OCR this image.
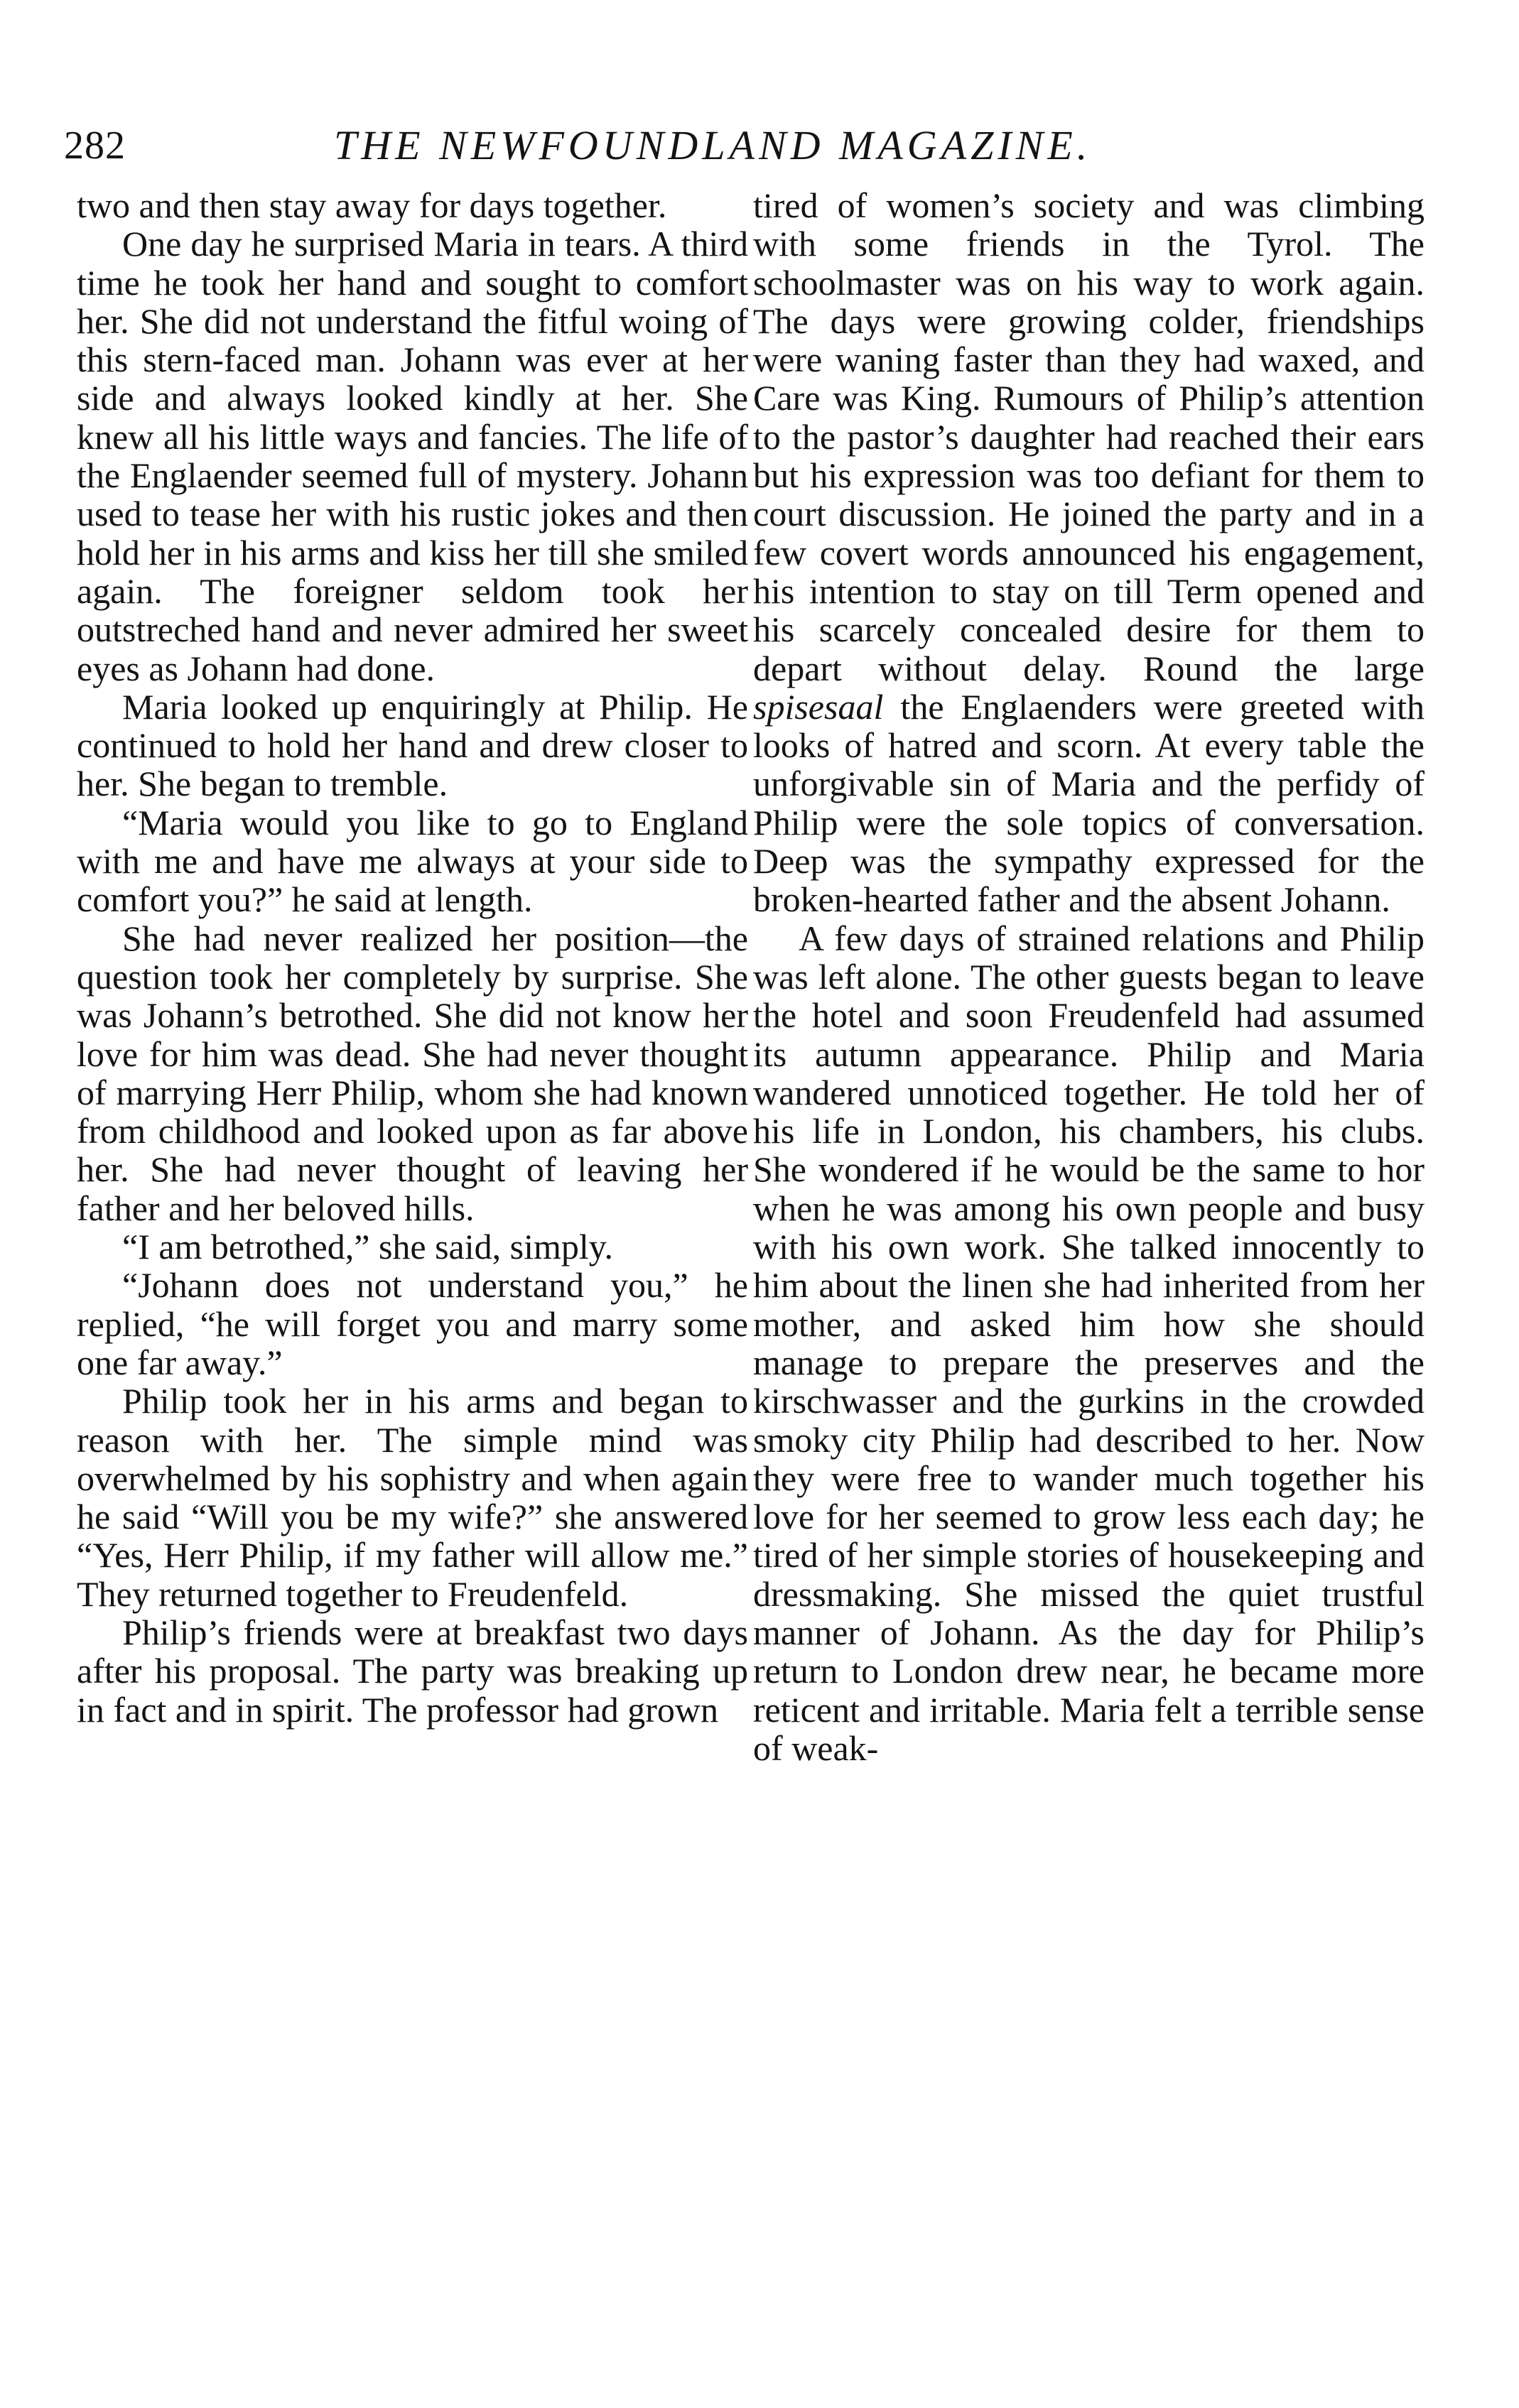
282	THE NEWFOUNDLAND MAGAZINE.

two and then stay away for days together.

One day he surprised Maria in tears. A third time he took her hand and sought to comfort her. She did not understand the fitful woing of this stern-faced man. Johann was ever at her side and always looked kindly at her. She knew all his little ways and fancies. The life of the Englaender seemed full of mystery. Johann used to tease her with his rustic jokes and then hold her in his arms and kiss her till she smiled again. The foreigner seldom took her outstreched hand and never admired her sweet eyes as Johann had done.

Maria looked up enquiringly at Philip. He continued to hold her hand and drew closer to her. She began to tremble.

“Maria would you like to go to England with me and have me always at your side to comfort you?” he said at length.

She had never realized her position—the question took her completely by surprise. She was Johann’s betrothed. She did not know her love for him was dead. She had never thought of marrying Herr Philip, whom she had known from childhood and looked upon as far above her. She had never thought of leaving her father and her beloved hills.

“I am betrothed,” she said, simply.

“Johann does not understand you,” he replied, “he will forget you and marry some one far away.”

Philip took her in his arms and began to reason with her. The simple mind was overwhelmed by his sophistry and when again he said “Will you be my wife?” she answered “Yes, Herr Philip, if my father will allow me.” They returned together to Freudenfeld.

Philip’s friends were at breakfast two days after his proposal. The party was breaking up in fact and in spirit. The professor had grown

tired of women’s society and was climbing with some friends in the Tyrol. The schoolmaster was on his way to work again. The days were growing colder, friendships were waning faster than they had waxed, and Care was King. Rumours of Philip’s attention to the pastor’s daughter had reached their ears but his expression was too defiant for them to court discussion. He joined the party and in a few covert words announced his engagement, his intention to stay on till Term opened and his scarcely concealed desire for them to depart without delay. Round the large spisesaal the Englaenders were greeted with looks of hatred and scorn. At every table the unforgivable sin of Maria and the perfidy of Philip were the sole topics of conversation. Deep was the sympathy expressed for the broken-hearted father and the absent Johann.

A few days of strained relations and Philip was left alone. The other guests began to leave the hotel and soon Freudenfeld had assumed its autumn appearance. Philip and Maria wandered unnoticed together. He told her of his life in London, his chambers, his clubs. She wondered if he would be the same to hor when he was among his own people and busy with his own work. She talked innocently to him about the linen she had inherited from her mother, and asked him how she should manage to prepare the preserves and the kirschwasser and the gurkins in the crowded smoky city Philip had described to her. Now they were free to wander much together his love for her seemed to grow less each day; he tired of her simple stories of housekeeping and dressmaking. She missed the quiet trustful manner of Johann. As the day for Philip’s return to London drew near, he became more reticent and irritable. Maria felt a terrible sense of weak-
